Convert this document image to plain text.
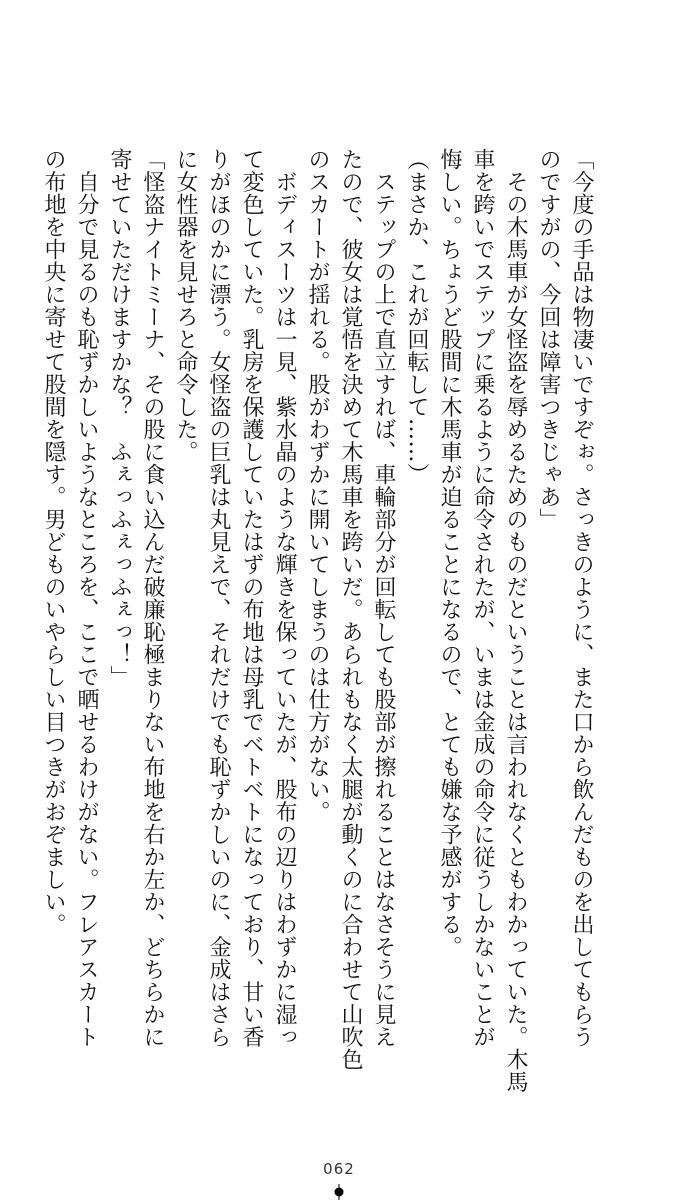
「今度の手品は物凄いですぞぉ。さっきのように、また口から飲んだものを出してもらう
のですがの、今回は障害つきじゃあ」
　その木馬車が女怪盗を辱めるためのものだということは言われなくともわかっていた。木馬
車を跨いでステップに乗るように命令されたが、いまは金成の命令に従うしかないことが
悔しい。ちょうど股間に木馬車が迫ることになるので、とても嫌な予感がする。
（まさか、これが回転して……）
　ステップの上で直立すれば、車輪部分が回転しても股部が擦れることはなさそうに見え
たので、彼女は覚悟を決めて木馬車を跨いだ。あられもなく太腿が動くのに合わせて山吹色
のスカートが揺れる。股がわずかに開いてしまうのは仕方がない。
　ボディスーツは一見、紫水晶のような輝きを保っていたが、股布の辺りはわずかに湿っ
て変色していた。乳房を保護していたはずの布地は母乳でベトベトになっており、甘い香
りがほのかに漂う。女怪盗の巨乳は丸見えで、それだけでも恥ずかしいのに、金成はさら
に女性器を見せろと命令した。
「怪盗ナイトミーナ、その股に食い込んだ破廉恥極まりない布地を右か左か、どちらかに
寄せていただけますかな？　ふぇっふぇっふぇっ！」
　自分で見るのも恥ずかしいようなところを、ここで晒せるわけがない。フレアスカート
の布地を中央に寄せて股間を隠す。男どものいやらしい目つきがおぞましい。
062
